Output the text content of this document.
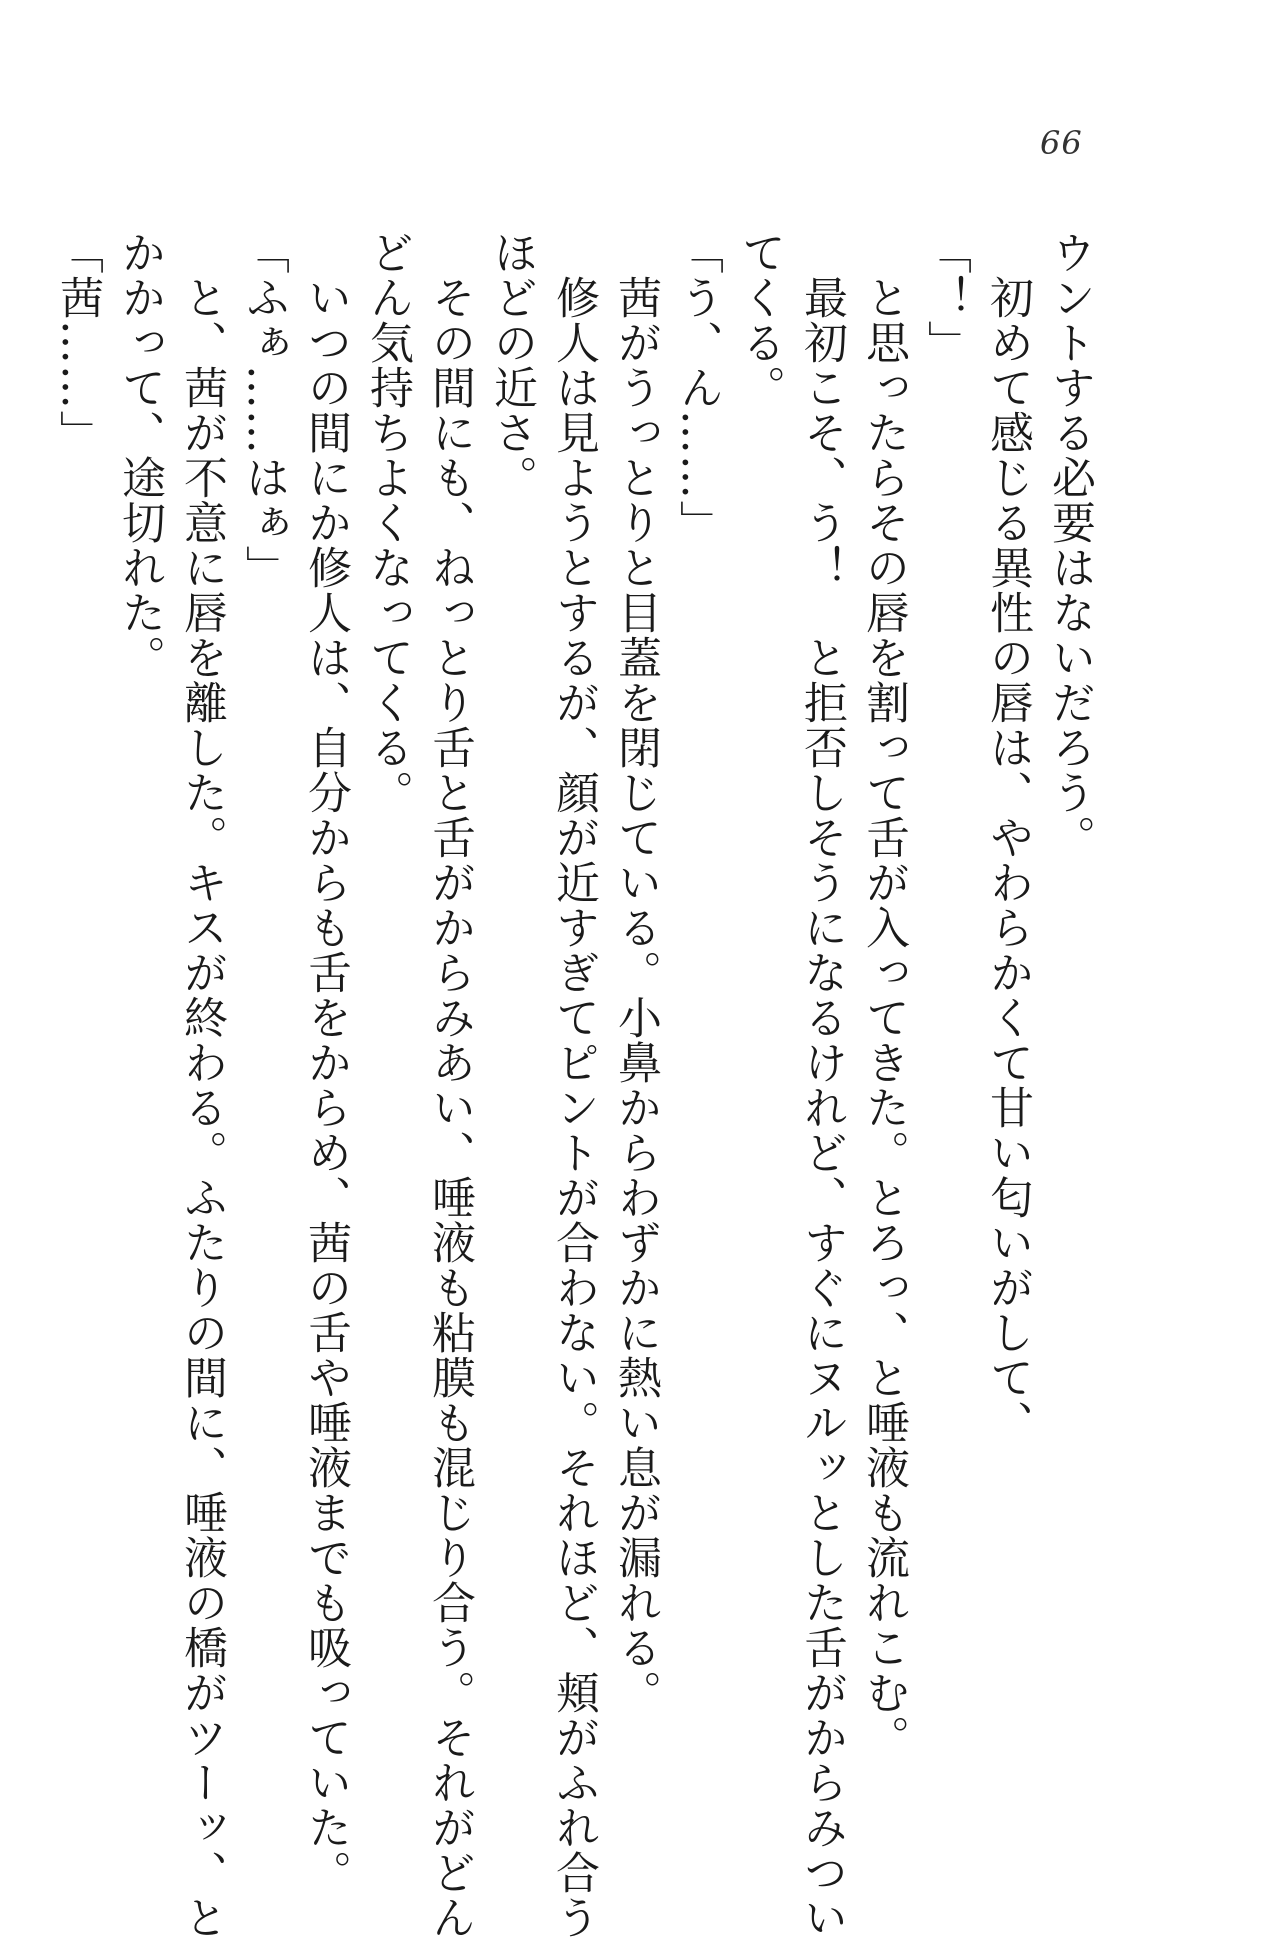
66
ウントする必要はないだろう。
　初めて感じる異性の唇は、やわらかくて甘い匂いがして、
「！」
　と思ったらその唇を割って舌が入ってきた。とろっ、と唾液も流れこむ。
　最初こそ、う！　と拒否しそうになるけれど、すぐにヌルッとした舌がからみつい
てくる。
「う、ん……」
　茜がうっとりと目蓋を閉じている。小鼻からわずかに熱い息が漏れる。
　修人は見ようとするが、顔が近すぎてピントが合わない。それほど、頬がふれ合う
ほどの近さ。
　その間にも、ねっとり舌と舌がからみあい、唾液も粘膜も混じり合う。それがどん
どん気持ちよくなってくる。
　いつの間にか修人は、自分からも舌をからめ、茜の舌や唾液までも吸っていた。
「ふぁ……はぁ」
　と、茜が不意に唇を離した。キスが終わる。ふたりの間に、唾液の橋がツーッ、と
かかって、途切れた。
「茜……」
